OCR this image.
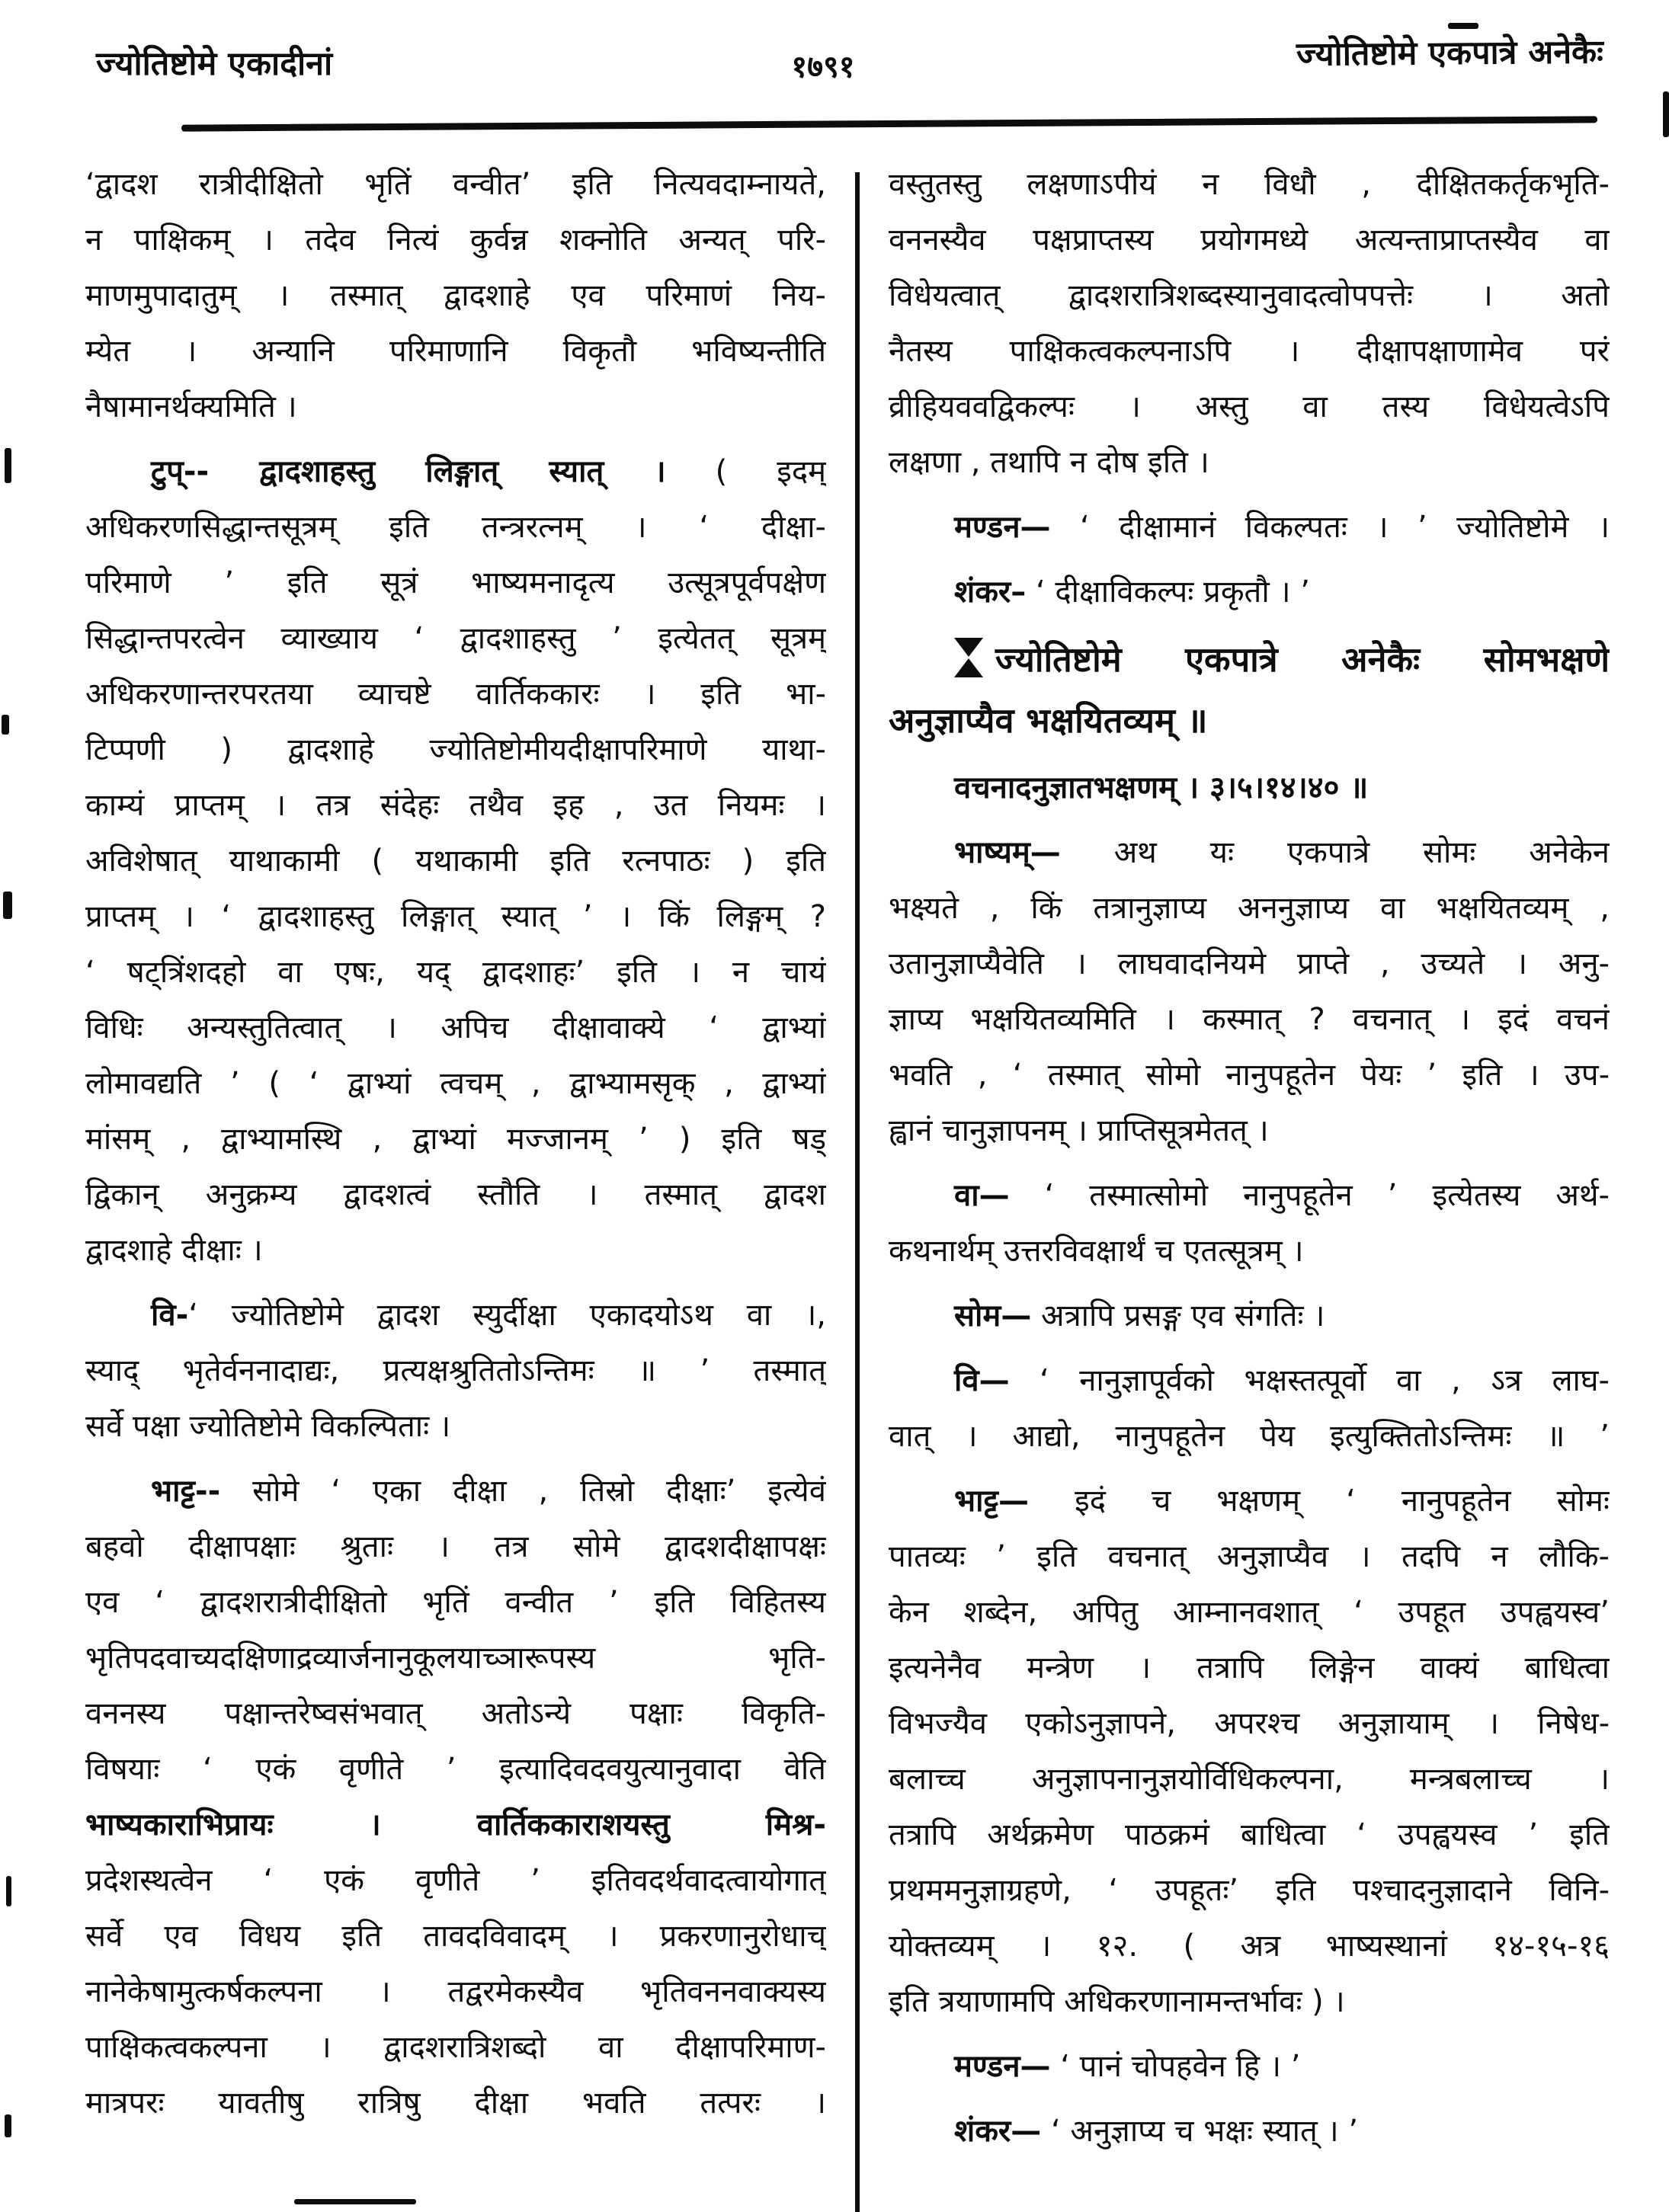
ज्योतिष्टोमे एकादीनां	१७९१	ज्योतिष्टोमे एकपात्रे अनेकैः
‘द्वादश रात्रीदीक्षितो भृतिं वन्वीत’ इति नित्यवदाम्नायते,
न पाक्षिकम् । तदेव नित्यं कुर्वन्न शक्नोति अन्यत् परि-
माणमुपादातुम् । तस्मात् द्वादशाहे एव परिमाणं निय-
म्येत । अन्यानि परिमाणानि विकृतौ भविष्यन्तीति
नैषामानर्थक्यमिति ।
टुप्-- द्वादशाहस्तु लिङ्गात् स्यात् । ( इदम्
अधिकरणसिद्धान्तसूत्रम् इति तन्त्ररत्नम् । ‘ दीक्षा-
परिमाणे ’ इति सूत्रं भाष्यमनादृत्य उत्सूत्रपूर्वपक्षेण
सिद्धान्तपरत्वेन व्याख्याय ‘ द्वादशाहस्तु ’ इत्येतत् सूत्रम्
अधिकरणान्तरपरतया व्याचष्टे वार्तिककारः । इति भा-
टिप्पणी ) द्वादशाहे ज्योतिष्टोमीयदीक्षापरिमाणे याथा-
काम्यं प्राप्तम् । तत्र संदेहः तथैव इह , उत नियमः ।
अविशेषात् याथाकामी ( यथाकामी इति रत्नपाठः ) इति
प्राप्तम् । ‘ द्वादशाहस्तु लिङ्गात् स्यात् ’ । किं लिङ्गम् ?
‘ षट्त्रिंशदहो वा एषः, यद् द्वादशाहः’ इति । न चायं
विधिः अन्यस्तुतित्वात् । अपिच दीक्षावाक्ये ‘ द्वाभ्यां
लोमावद्यति ’ ( ‘ द्वाभ्यां त्वचम् , द्वाभ्यामसृक् , द्वाभ्यां
मांसम् , द्वाभ्यामस्थि , द्वाभ्यां मज्जानम् ’ ) इति षड्
द्विकान् अनुक्रम्य द्वादशत्वं स्तौति । तस्मात् द्वादश
द्वादशाहे दीक्षाः ।
वि-‘ ज्योतिष्टोमे द्वादश स्युर्दीक्षा एकादयोऽथ वा ।,
स्याद् भृतेर्वननादाद्यः, प्रत्यक्षश्रुतितोऽन्तिमः ॥ ’ तस्मात्
सर्वे पक्षा ज्योतिष्टोमे विकल्पिताः ।
भाट्ट-- सोमे ‘ एका दीक्षा , तिस्रो दीक्षाः’ इत्येवं
बहवो दीक्षापक्षाः श्रुताः । तत्र सोमे द्वादशदीक्षापक्षः
एव ‘ द्वादशरात्रीदीक्षितो भृतिं वन्वीत ’ इति विहितस्य
भृतिपदवाच्यदक्षिणाद्रव्यार्जनानुकूलयाच्ञारूपस्य भृति-
वननस्य पक्षान्तरेष्वसंभवात् अतोऽन्ये पक्षाः विकृति-
विषयाः ‘ एकं वृणीते ’ इत्यादिवदवयुत्यानुवादा वेति
भाष्यकाराभिप्रायः । वार्तिककाराशयस्तु मिश्र-
प्रदेशस्थत्वेन ‘ एकं वृणीते ’ इतिवदर्थवादत्वायोगात्
सर्वे एव विधय इति तावदविवादम् । प्रकरणानुरोधाच्
नानेकेषामुत्कर्षकल्पना । तद्वरमेकस्यैव भृतिवननवाक्यस्य
पाक्षिकत्वकल्पना । द्वादशरात्रिशब्दो वा दीक्षापरिमाण-
मात्रपरः यावतीषु रात्रिषु दीक्षा भवति तत्परः ।
वस्तुतस्तु लक्षणाऽपीयं न विधौ , दीक्षितकर्तृकभृति-
वननस्यैव पक्षप्राप्तस्य प्रयोगमध्ये अत्यन्ताप्राप्तस्यैव वा
विधेयत्वात् द्वादशरात्रिशब्दस्यानुवादत्वोपपत्तेः । अतो
नैतस्य पाक्षिकत्वकल्पनाऽपि । दीक्षापक्षाणामेव परं
व्रीहियववद्विकल्पः । अस्तु वा तस्य विधेयत्वेऽपि
लक्षणा , तथापि न दोष इति ।
मण्डन— ‘ दीक्षामानं विकल्पतः । ’ ज्योतिष्टोमे ।
शंकर– ‘ दीक्षाविकल्पः प्रकृतौ । ’
ज्योतिष्टोमे एकपात्रे अनेकैः सोमभक्षणे
अनुज्ञाप्यैव भक्षयितव्यम् ॥
वचनादनुज्ञातभक्षणम् । ३।५।१४।४० ॥
भाष्यम्— अथ यः एकपात्रे सोमः अनेकेन
भक्ष्यते , किं तत्रानुज्ञाप्य अननुज्ञाप्य वा भक्षयितव्यम् ,
उतानुज्ञाप्यैवेति । लाघवादनियमे प्राप्ते , उच्यते । अनु-
ज्ञाप्य भक्षयितव्यमिति । कस्मात् ? वचनात् । इदं वचनं
भवति , ‘ तस्मात् सोमो नानुपहूतेन पेयः ’ इति । उप-
ह्वानं चानुज्ञापनम् । प्राप्तिसूत्रमेतत् ।
वा— ‘ तस्मात्सोमो नानुपहूतेन ’ इत्येतस्य अर्थ-
कथनार्थम् उत्तरविवक्षार्थं च एतत्सूत्रम् ।
सोम— अत्रापि प्रसङ्ग एव संगतिः ।
वि— ‘ नानुज्ञापूर्वको भक्षस्तत्पूर्वो वा , ऽत्र लाघ-
वात् । आद्यो, नानुपहूतेन पेय इत्युक्तितोऽन्तिमः ॥ ’
भाट्ट— इदं च भक्षणम् ‘ नानुपहूतेन सोमः
पातव्यः ’ इति वचनात् अनुज्ञाप्यैव । तदपि न लौकि-
केन शब्देन, अपितु आम्नानवशात् ‘ उपहूत उपह्वयस्व’
इत्यनेनैव मन्त्रेण । तत्रापि लिङ्गेन वाक्यं बाधित्वा
विभज्यैव एकोऽनुज्ञापने, अपरश्च अनुज्ञायाम् । निषेध-
बलाच्च अनुज्ञापनानुज्ञयोर्विधिकल्पना, मन्त्रबलाच्च ।
तत्रापि अर्थक्रमेण पाठक्रमं बाधित्वा ‘ उपह्वयस्व ’ इति
प्रथममनुज्ञाग्रहणे, ‘ उपहूतः’ इति पश्चादनुज्ञादाने विनि-
योक्तव्यम् । १२. ( अत्र भाष्यस्थानां १४-१५-१६
इति त्रयाणामपि अधिकरणानामन्तर्भावः ) ।
मण्डन— ‘ पानं चोपहवेन हि । ’
शंकर— ‘ अनुज्ञाप्य च भक्षः स्यात् । ’
